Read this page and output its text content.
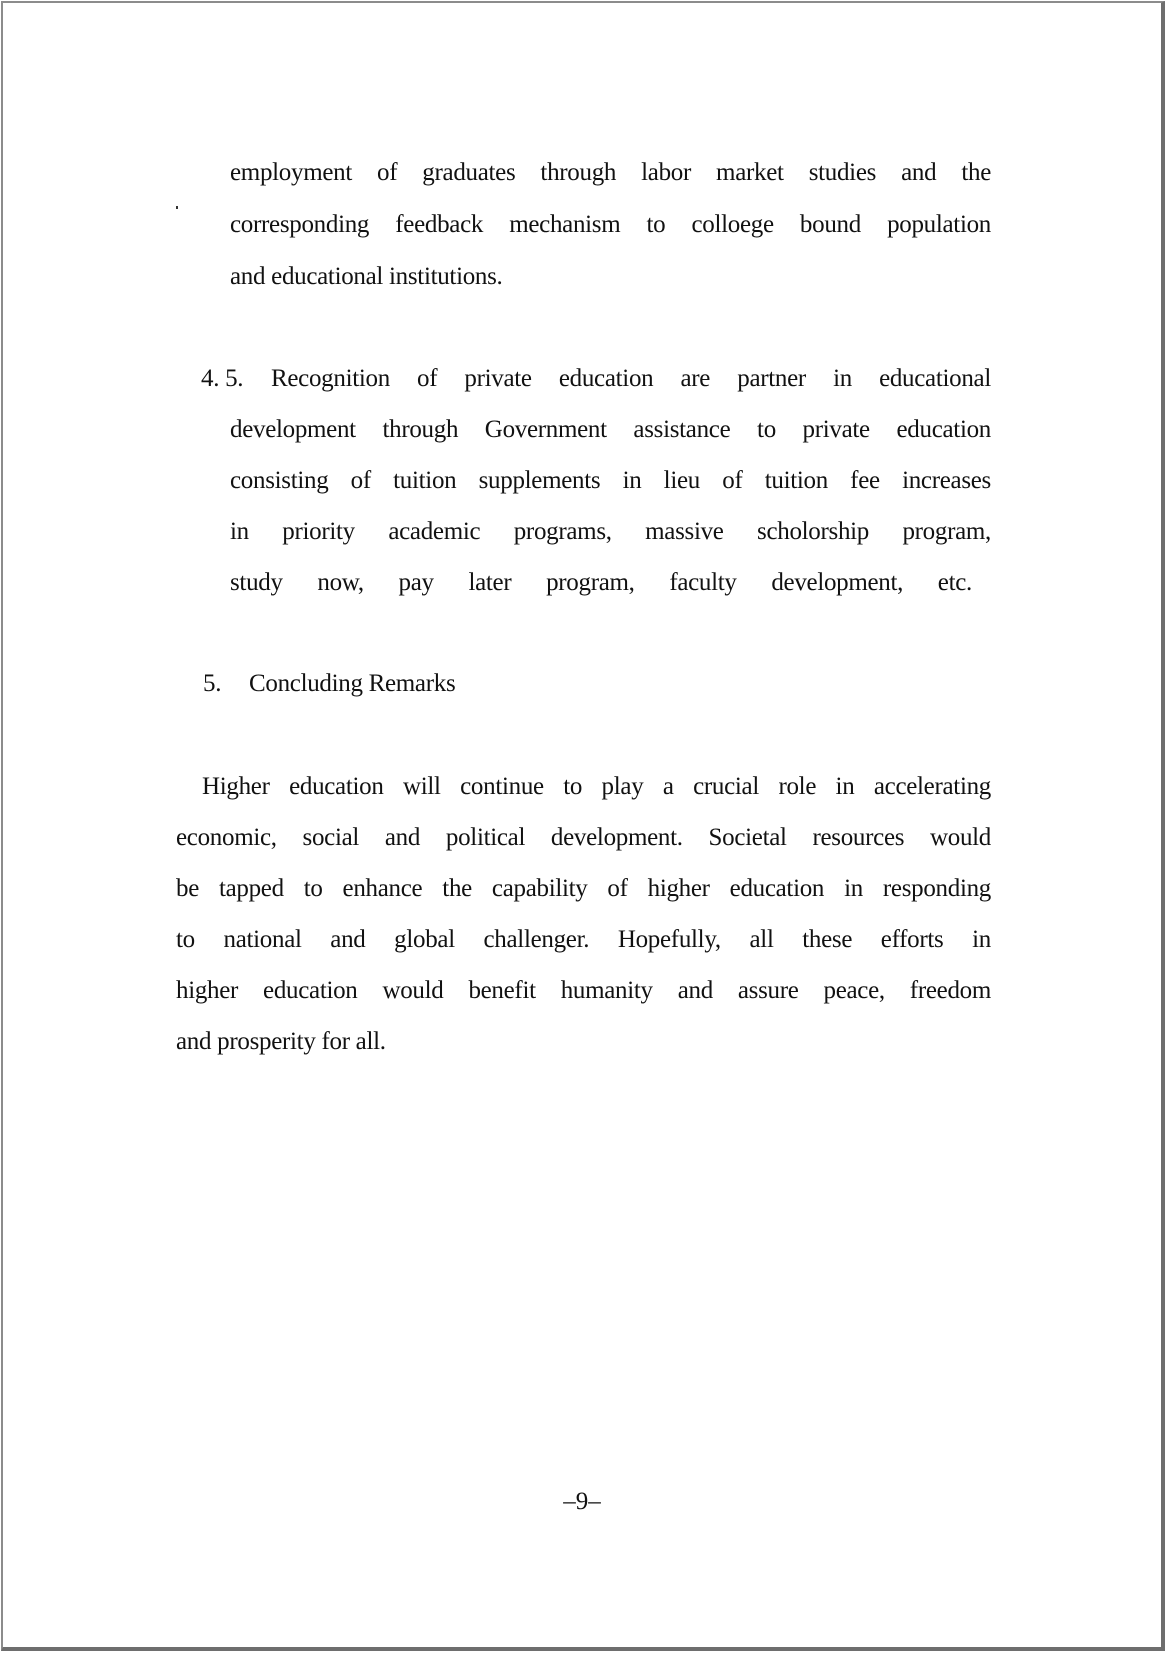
employment of graduates through labor market studies and the
corresponding feedback mechanism to colloege bound population
and educational institutions.
4. 5. Recognition of private education are partner in educational
development through Government assistance to private education
consisting of tuition supplements in lieu of tuition fee increases
in priority academic programs, massive scholorship program,
study now, pay later program, faculty development, etc.
5. Concluding Remarks
Higher education will continue to play a crucial role in accelerating
economic, social and political development. Societal resources would
be tapped to enhance the capability of higher education in responding
to national and global challenger. Hopefully, all these efforts in
higher education would benefit humanity and assure peace, freedom
and prosperity for all.
–9–
